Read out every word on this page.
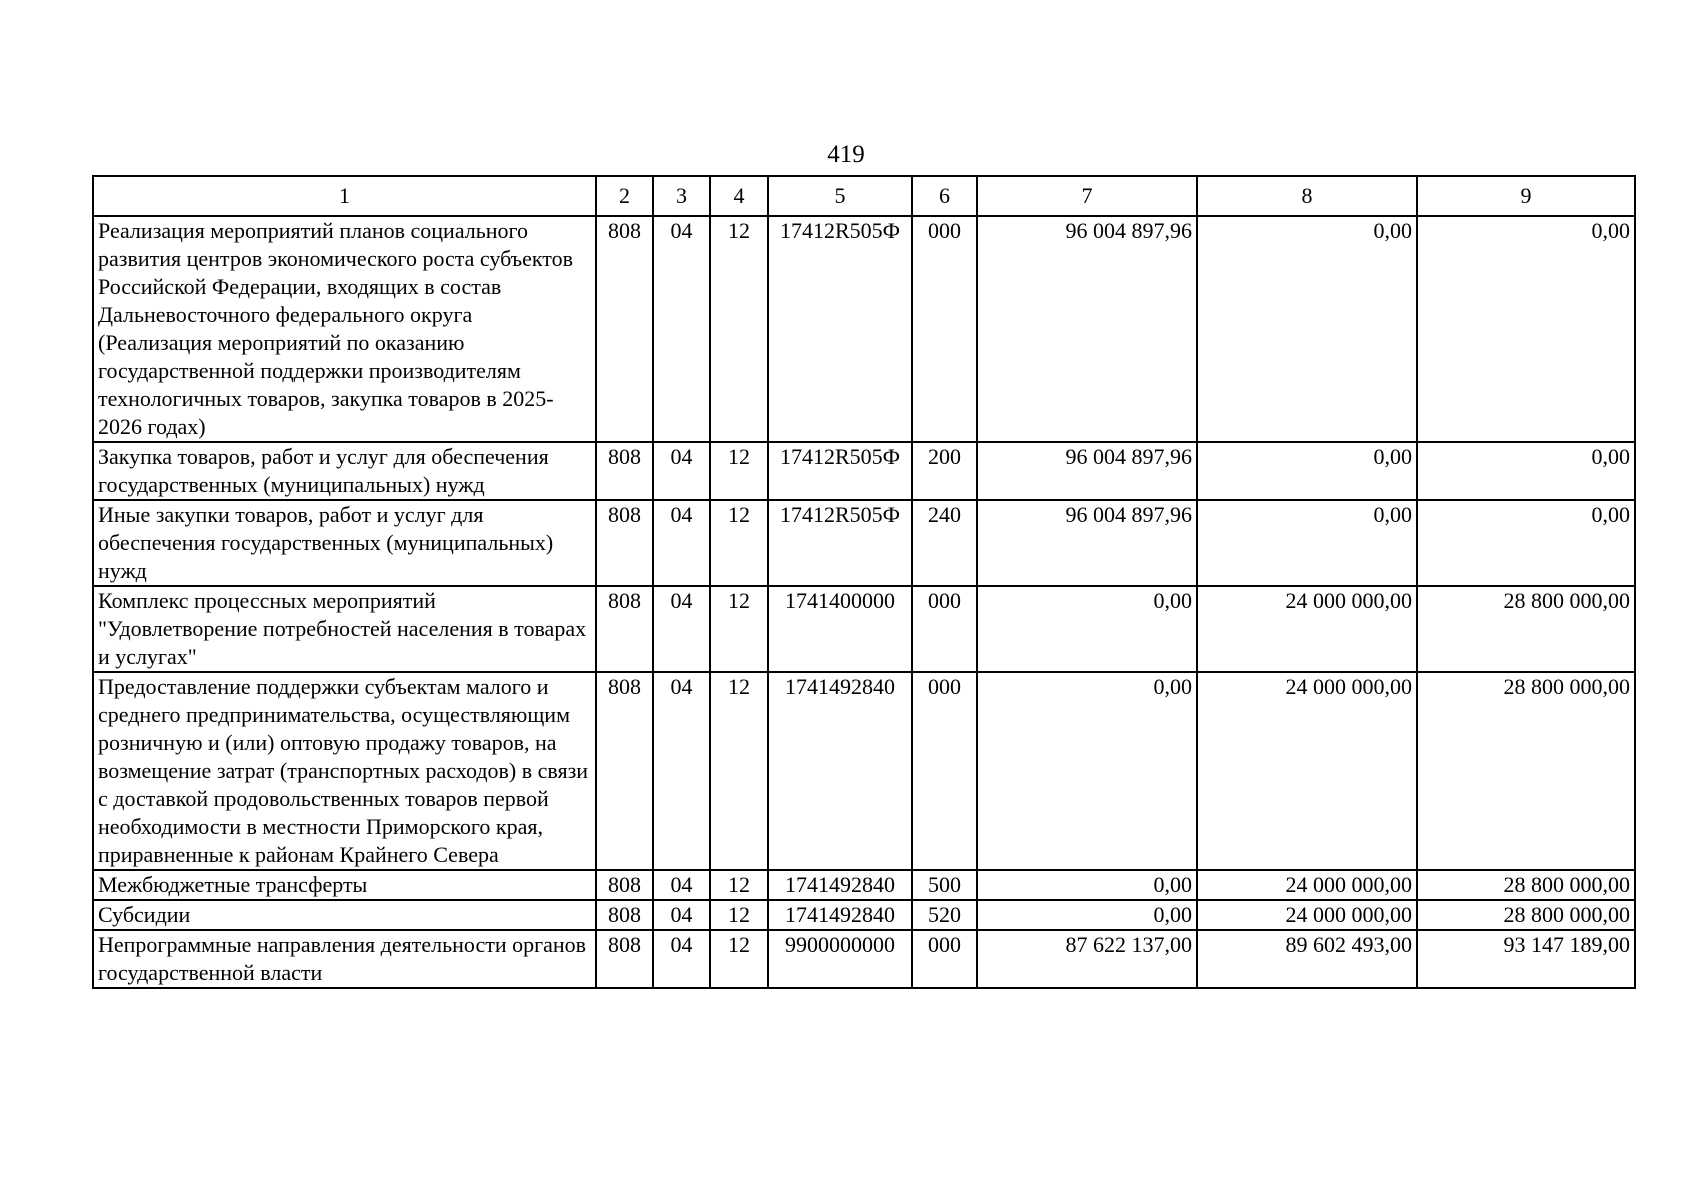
419
1	2	3	4	5	6	7	8	9
Реализация мероприятий планов социального развития центров экономического роста субъектов Российской Федерации, входящих в состав Дальневосточного федерального округа (Реализация мероприятий по оказанию государственной поддержки производителям технологичных товаров, закупка товаров в 2025-2026 годах)	808	04	12	17412R505Ф	000	96 004 897,96	0,00	0,00
Закупка товаров, работ и услуг для обеспечения государственных (муниципальных) нужд	808	04	12	17412R505Ф	200	96 004 897,96	0,00	0,00
Иные закупки товаров, работ и услуг для обеспечения государственных (муниципальных) нужд	808	04	12	17412R505Ф	240	96 004 897,96	0,00	0,00
Комплекс процессных мероприятий "Удовлетворение потребностей населения в товарах и услугах"	808	04	12	1741400000	000	0,00	24 000 000,00	28 800 000,00
Предоставление поддержки субъектам малого и среднего предпринимательства, осуществляющим розничную и (или) оптовую продажу товаров, на возмещение затрат (транспортных расходов) в связи с доставкой продовольственных товаров первой необходимости в местности Приморского края, приравненные к районам Крайнего Севера	808	04	12	1741492840	000	0,00	24 000 000,00	28 800 000,00
Межбюджетные трансферты	808	04	12	1741492840	500	0,00	24 000 000,00	28 800 000,00
Субсидии	808	04	12	1741492840	520	0,00	24 000 000,00	28 800 000,00
Непрограммные направления деятельности органов государственной власти	808	04	12	9900000000	000	87 622 137,00	89 602 493,00	93 147 189,00
